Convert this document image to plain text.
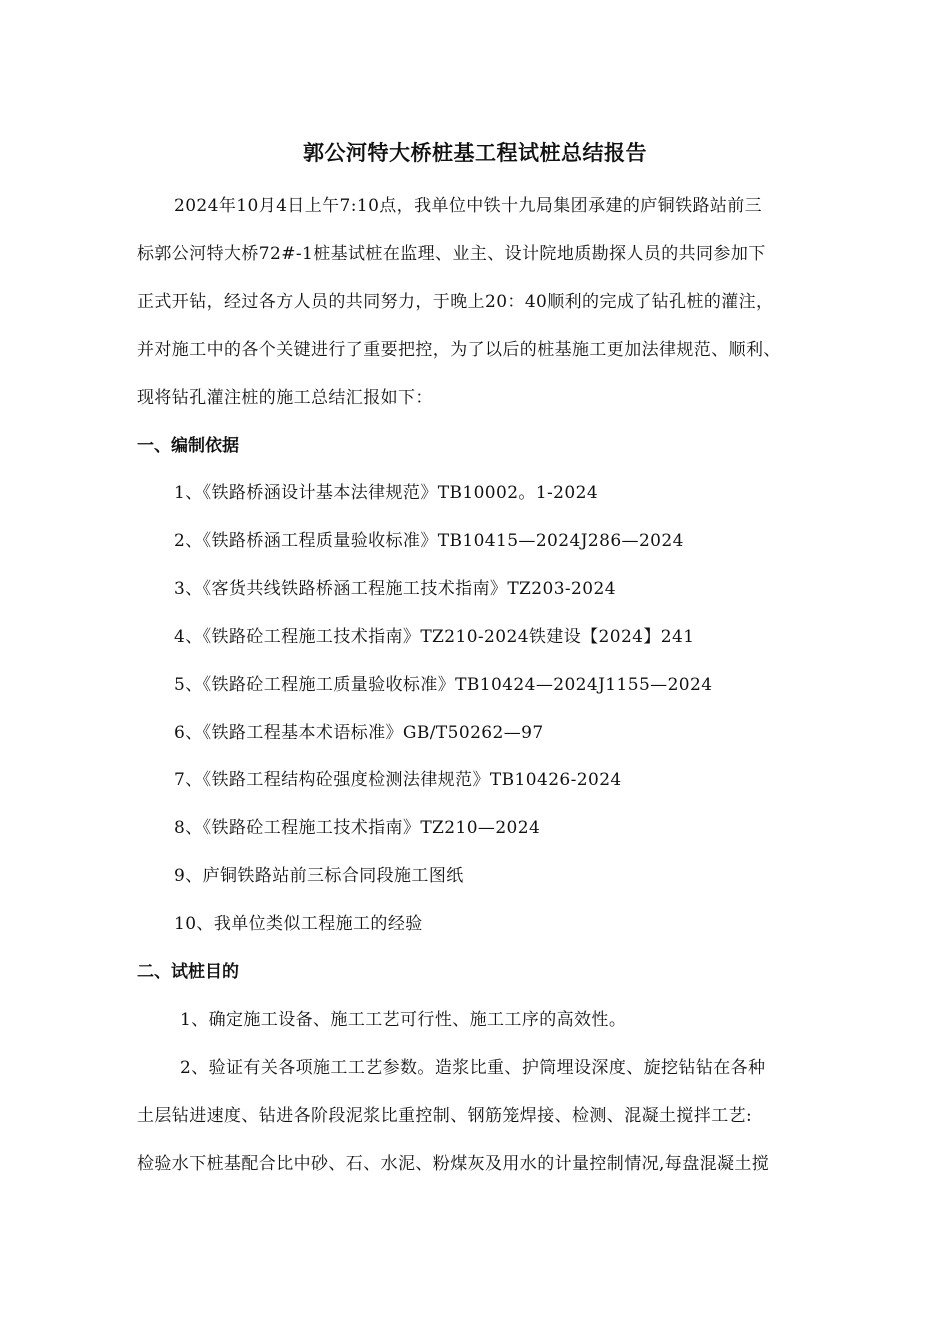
郭公河特大桥桩基工程试桩总结报告
2024年10月4日上午7:10点，我单位中铁十九局集团承建的庐铜铁路站前三
标郭公河特大桥72#-1桩基试桩在监理、业主、设计院地质勘探人员的共同参加下
正式开钻，经过各方人员的共同努力，于晚上20：40顺利的完成了钻孔桩的灌注，
并对施工中的各个关键进行了重要把控，为了以后的桩基施工更加法律规范、顺利、
现将钻孔灌注桩的施工总结汇报如下：
一、编制依据
1、《铁路桥涵设计基本法律规范》TB10002。1-2024
2、《铁路桥涵工程质量验收标准》TB10415—2024J286—2024
3、《客货共线铁路桥涵工程施工技术指南》TZ203-2024
4、《铁路砼工程施工技术指南》TZ210-2024铁建设【2024】241
5、《铁路砼工程施工质量验收标准》TB10424—2024J1155—2024
6、《铁路工程基本术语标准》GB/T50262—97
7、《铁路工程结构砼强度检测法律规范》TB10426-2024
8、《铁路砼工程施工技术指南》TZ210—2024
9、庐铜铁路站前三标合同段施工图纸
10、我单位类似工程施工的经验
二、试桩目的
1、确定施工设备、施工工艺可行性、施工工序的高效性。
2、验证有关各项施工工艺参数。造浆比重、护筒埋设深度、旋挖钻钻在各种
土层钻进速度、钻进各阶段泥浆比重控制、钢筋笼焊接、检测、混凝土搅拌工艺:
检验水下桩基配合比中砂、石、水泥、粉煤灰及用水的计量控制情况,每盘混凝土搅
